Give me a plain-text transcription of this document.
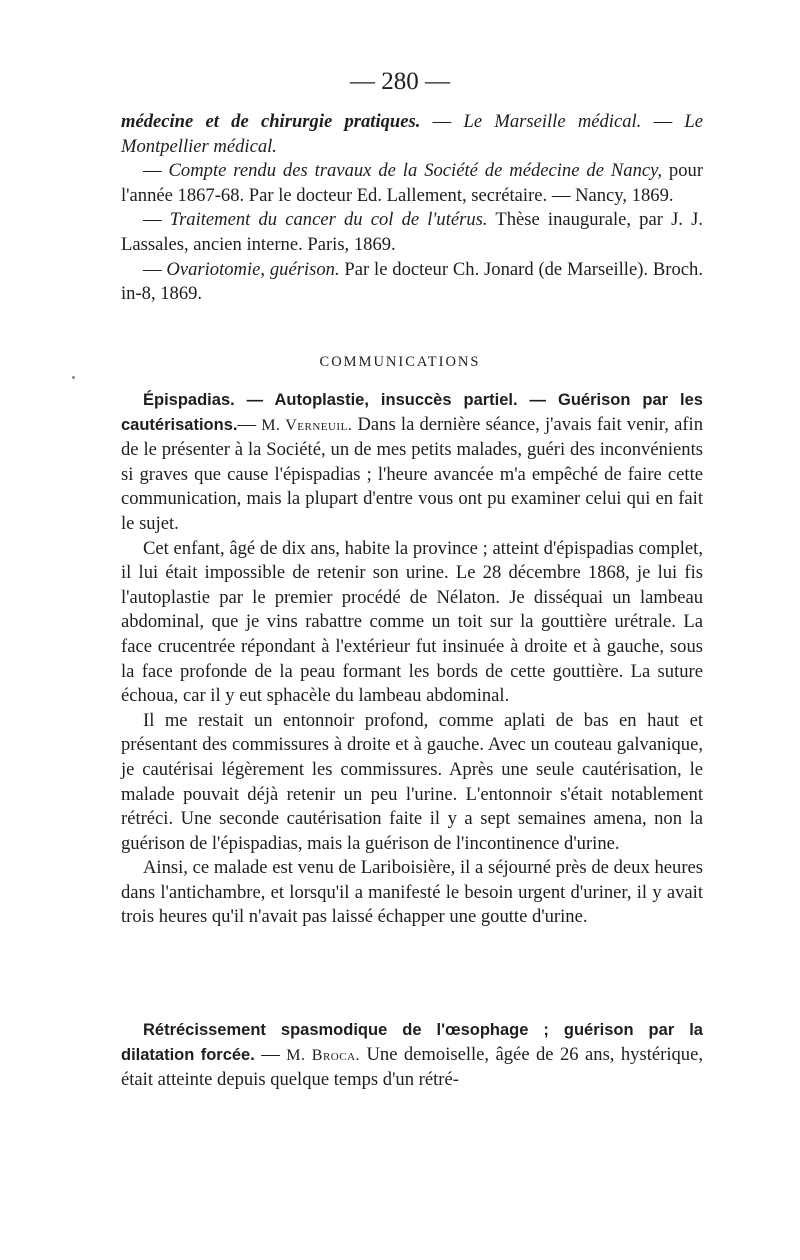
— 280 —

médecine et de chirurgie pratiques. — Le Marseille médical. — Le Montpellier médical.

— Compte rendu des travaux de la Société de médecine de Nancy, pour l'année 1867-68. Par le docteur Ed. Lallement, secrétaire. — Nancy, 1869.

— Traitement du cancer du col de l'utérus. Thèse inaugurale, par J. J. Lassales, ancien interne. Paris, 1869.

— Ovariotomie, guérison. Par le docteur Ch. Jonard (de Marseille). Broch. in-8, 1869.

COMMUNICATIONS

Épispadias. — Autoplastie, insuccès partiel. — Guérison par les cautérisations.— M. Verneuil. Dans la dernière séance, j'avais fait venir, afin de le présenter à la Société, un de mes petits malades, guéri des inconvénients si graves que cause l'épispadias ; l'heure avancée m'a empêché de faire cette communication, mais la plupart d'entre vous ont pu examiner celui qui en fait le sujet.

Cet enfant, âgé de dix ans, habite la province ; atteint d'épispadias complet, il lui était impossible de retenir son urine. Le 28 décembre 1868, je lui fis l'autoplastie par le premier procédé de Nélaton. Je disséquai un lambeau abdominal, que je vins rabattre comme un toit sur la gouttière urétrale. La face crucentrée répondant à l'extérieur fut insinuée à droite et à gauche, sous la face profonde de la peau formant les bords de cette gouttière. La suture échoua, car il y eut sphacèle du lambeau abdominal.

Il me restait un entonnoir profond, comme aplati de bas en haut et présentant des commissures à droite et à gauche. Avec un couteau galvanique, je cautérisai légèrement les commissures. Après une seule cautérisation, le malade pouvait déjà retenir un peu l'urine. L'entonnoir s'était notablement rétréci. Une seconde cautérisation faite il y a sept semaines amena, non la guérison de l'épispadias, mais la guérison de l'incontinence d'urine.

Ainsi, ce malade est venu de Lariboisière, il a séjourné près de deux heures dans l'antichambre, et lorsqu'il a manifesté le besoin urgent d'uriner, il y avait trois heures qu'il n'avait pas laissé échapper une goutte d'urine.

Rétrécissement spasmodique de l'œsophage ; guérison par la dilatation forcée. — M. Broca. Une demoiselle, âgée de 26 ans, hystérique, était atteinte depuis quelque temps d'un rétré-
